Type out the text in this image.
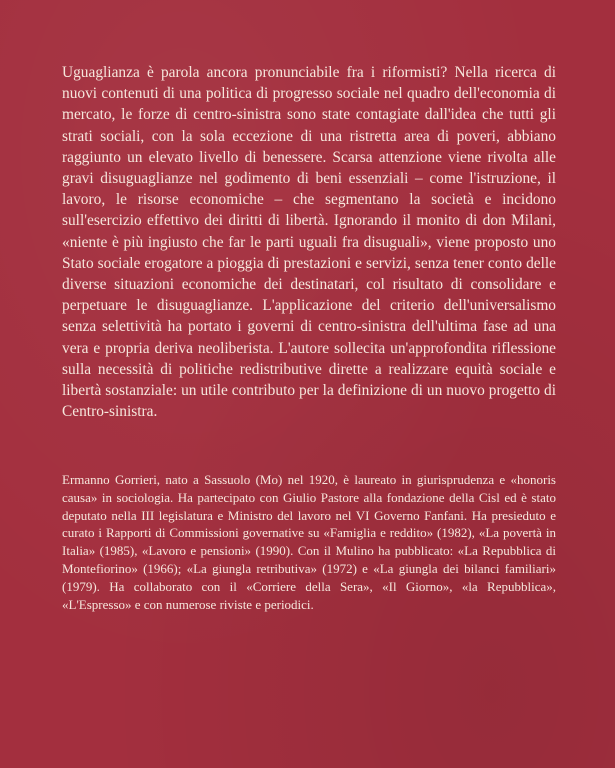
Uguaglianza è parola ancora pronunciabile fra i riformisti? Nella ricerca di nuovi contenuti di una politica di progresso sociale nel quadro dell'economia di mercato, le forze di centro-sinistra sono state contagiate dall'idea che tutti gli strati sociali, con la sola eccezione di una ristretta area di poveri, abbiano raggiunto un elevato livello di benessere. Scarsa attenzione viene rivolta alle gravi disuguaglianze nel godimento di beni essenziali – come l'istruzione, il lavoro, le risorse economiche – che segmentano la società e incidono sull'esercizio effettivo dei diritti di libertà. Ignorando il monito di don Milani, «niente è più ingiusto che far le parti uguali fra disuguali», viene proposto uno Stato sociale erogatore a pioggia di prestazioni e servizi, senza tener conto delle diverse situazioni economiche dei destinatari, col risultato di consolidare e perpetuare le disuguaglianze. L'applicazione del criterio dell'universalismo senza selettività ha portato i governi di centro-sinistra dell'ultima fase ad una vera e propria deriva neoliberista. L'autore sollecita un'approfondita riflessione sulla necessità di politiche redistributive dirette a realizzare equità sociale e libertà sostanziale: un utile contributo per la definizione di un nuovo progetto di Centro-sinistra.

Ermanno Gorrieri, nato a Sassuolo (Mo) nel 1920, è laureato in giurisprudenza e «honoris causa» in sociologia. Ha partecipato con Giulio Pastore alla fondazione della Cisl ed è stato deputato nella III legislatura e Ministro del lavoro nel VI Governo Fanfani. Ha presieduto e curato i Rapporti di Commissioni governative su «Famiglia e reddito» (1982), «La povertà in Italia» (1985), «Lavoro e pensioni» (1990). Con il Mulino ha pubblicato: «La Repubblica di Montefiorino» (1966); «La giungla retributiva» (1972) e «La giungla dei bilanci familiari» (1979). Ha collaborato con il «Corriere della Sera», «Il Giorno», «la Repubblica», «L'Espresso» e con numerose riviste e periodici.
